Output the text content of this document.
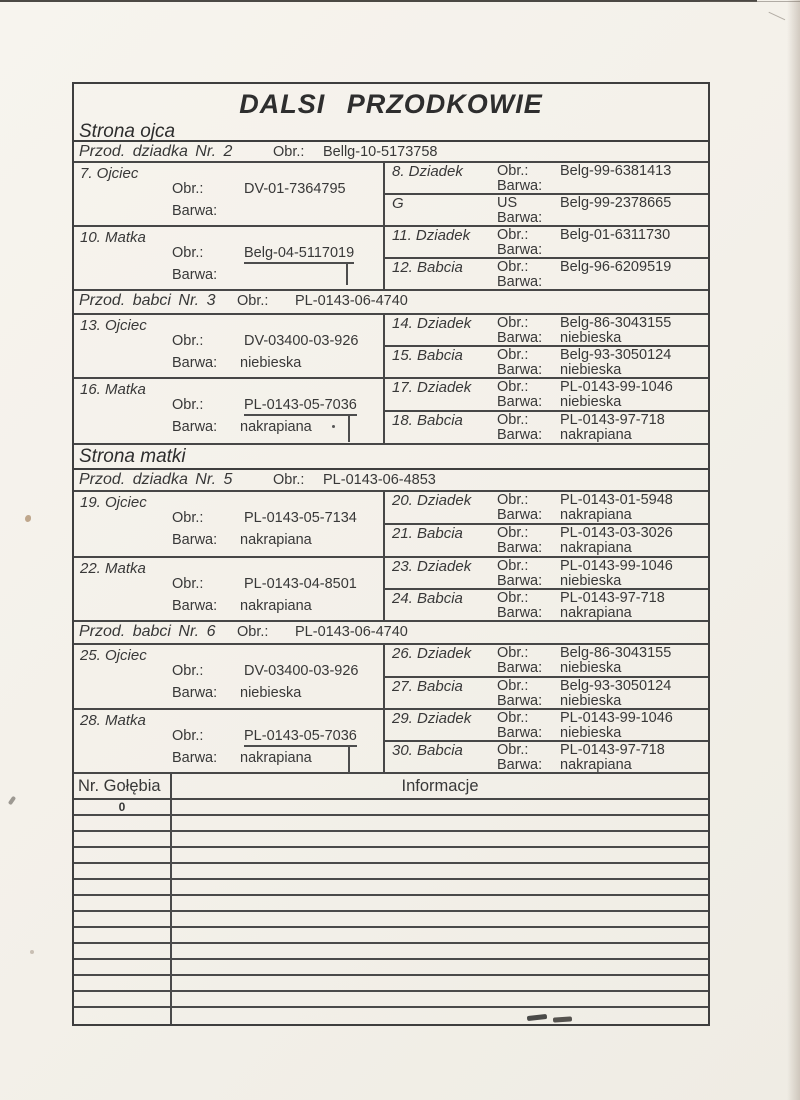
DALSI PRZODKOWIE
Strona ojca
Przod. dziadka Nr. 2	Obr.: Bellg-10-5173758
7. Ojciec
Obr.:	DV-01-7364795
Barwa:
8. Dziadek Obr.: Belg-99-6381413
Barwa:
G	US	Belg-99-2378665
Barwa:
10. Matka
Obr.:	Belg-04-5117019
Barwa:
11. Dziadek Obr.: Belg-01-6311730
Barwa:
12. Babcia Obr.: Belg-96-6209519
Barwa:
Przod. babci Nr. 3 Obr.: PL-0143-06-4740
13. Ojciec
Obr.:	DV-03400-03-926
Barwa: niebieska
14. Dziadek Obr.: Belg-86-3043155
Barwa: niebieska
15. Babcia Obr.: Belg-93-3050124
Barwa: niebieska
16. Matka
Obr.:	PL-0143-05-7036
Barwa: nakrapiana
17. Dziadek Obr.: PL-0143-99-1046
Barwa: niebieska
18. Babcia Obr.: PL-0143-97-718
Barwa: nakrapiana
Strona matki
Przod. dziadka Nr. 5	Obr.: PL-0143-06-4853
19. Ojciec
Obr.:	PL-0143-05-7134
Barwa: nakrapiana
20. Dziadek Obr.: PL-0143-01-5948
Barwa: nakrapiana
21. Babcia Obr.: PL-0143-03-3026
Barwa: nakrapiana
22. Matka
Obr.:	PL-0143-04-8501
Barwa: nakrapiana
23. Dziadek Obr.: PL-0143-99-1046
Barwa: niebieska
24. Babcia Obr.: PL-0143-97-718
Barwa: nakrapiana
Przod. babci Nr. 6 Obr.: PL-0143-06-4740
25. Ojciec
Obr.:	DV-03400-03-926
Barwa: niebieska
26. Dziadek Obr.: Belg-86-3043155
Barwa: niebieska
27. Babcia Obr.: Belg-93-3050124
Barwa: niebieska
28. Matka
Obr.:	PL-0143-05-7036
Barwa: nakrapiana
29. Dziadek Obr.: PL-0143-99-1046
Barwa: niebieska
30. Babcia Obr.: PL-0143-97-718
Barwa: nakrapiana
Nr. Gołębia	Informacje
0
